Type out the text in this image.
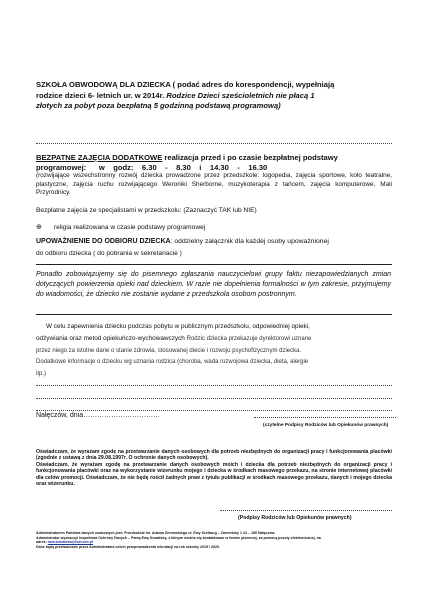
SZKOŁA OBWODOWĄ DLA DZIECKA ( podać adres do korespondencji, wypełniają
rodzice dzieci 6- letnich ur. w 2014r. Rodzice Dzieci sześcioletnich nie płacą 1
złotych za pobyt poza bezpłatną 5 godzinną podstawą programową)
BEZPATNE ZAJĘCIA DODATKOWE realizacja przed i po czasie bezpłatnej podstawy
programowej:      w    godz:    6.30    -    8.30    i    14.30    -    16.30
(rozwijające wszechstronny rozwój dziecka prowadzone przez przedszkole: logopedia, zajęcia sportowe, koło teatralne, plastyczne, zajęcia ruchu rozwijającego Weroniki Sherborne, muzykoterapia z tańcem, zajęcia komputerowe, Mali Przyrodnicy.
Bezpłatne zajęcia ze specjalistami w przedszkolu: (Zaznaczyć TAK lub NIE)
⊕ religia realizowana w czasie podstawy programowej
UPOWAŻNIENIE DO ODBIORU DZIECKA: oddzielny załącznik dla każdej osoby upoważnionej
do odbioru dziecka ( do pobrania w sekretariacie )
Ponadto zobowiązujemy się do pisemnego zgłaszania nauczycielowi grupy faktu niezapowiedzianych zmian dotyczących powierzenia opieki nad dzieckiem. W razie nie dopełnienia formalności w tym zakresie, przyjmujemy do wiadomości, że dziecko nie zostanie wydane z przedszkola osobom postronnym.
W celu zapewnienia dziecku podczas pobytu w publicznym przedszkolu, odpowiedniej opieki,
odżywiania oraz metod opiekuńczo-wychowawczych Rodzic dziecka przekazuje dyrektorowi uznane
przez niego za istotne dane o stanie zdrowia, stosowanej diecie i rozwoju psychofizycznym dziecka.
Dodatkowe informacje o dziecku wg uznania rodzica (choroba, wada rozwojowa dziecka, dieta, alergie
itp.)
Nałęczów, dnia……………………………
(czytelne Podpisy Rodziców lub Opiekunów prawnych)
Oświadczam, że wyrażam zgodę na przetwarzanie danych osobowych dla potrzeb niezbędnych do organizacji pracy i funkcjonowania placówki (zgodnie z ustawą z dnia 29.08.1997r. O ochronie danych osobowych).
Oświadczam, że wyrażam zgodę na przetwarzanie danych osobowych moich i dziecka dla potrzeb niezbędnych do organizacji pracy i funkcjonowania placówki oraz na wykorzystanie wizerunku mojego i dziecka w środkach masowego przekazu, na stronie internetowej placówki dla celów promocji. Oświadczam, że nie będę rościł żadnych praw z tytułu publikacji w środkach masowego przekazu, danych i mojego dziecka oraz wizerunku.
(Podpisy Rodziców lub Opiekunów prawnych)
Administratorem Państwa danych osobowych jest: Przedszkole im. Adama Żeromskiego ul. Ewy Szelburg – Zarembiny 1 24 – 150 Nałęczów.
Administrator wyznaczył Inspektora Ochrony Danych – Panią Ewę Kowalską, z którym można się kontaktować w formie pisemnej, za pomocą poczty elektronicznej, na
adres: ewa.kowalska@iodcons.pl
Dane będą przetwarzane przez Administratora celem przeprowadzenia rekrutacji na rok szkolny 2019 / 2020.
